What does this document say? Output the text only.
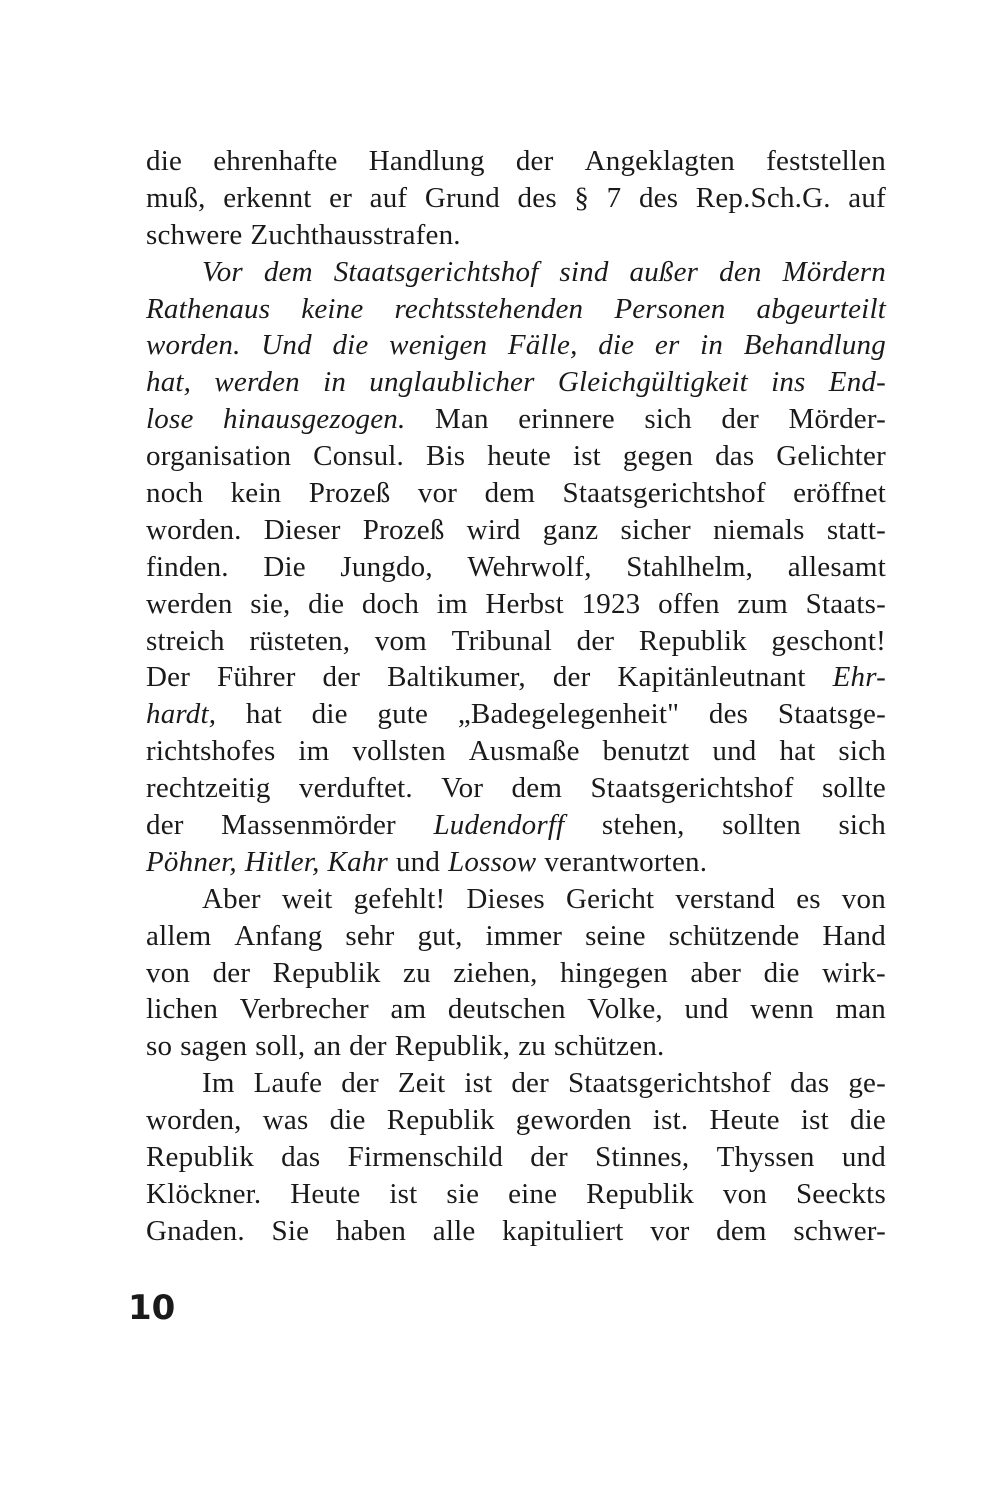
die ehrenhafte Handlung der Angeklagten feststellen
muß, erkennt er auf Grund des § 7 des Rep.Sch.G. auf
schwere Zuchthausstrafen.
Vor dem Staatsgerichtshof sind außer den Mördern
Rathenaus keine rechtsstehenden Personen abgeurteilt
worden. Und die wenigen Fälle, die er in Behandlung
hat, werden in unglaublicher Gleichgültigkeit ins End-
lose hinausgezogen. Man erinnere sich der Mörder-
organisation Consul. Bis heute ist gegen das Gelichter
noch kein Prozeß vor dem Staatsgerichtshof eröffnet
worden. Dieser Prozeß wird ganz sicher niemals statt-
finden. Die Jungdo, Wehrwolf, Stahlhelm, allesamt
werden sie, die doch im Herbst 1923 offen zum Staats-
streich rüsteten, vom Tribunal der Republik geschont!
Der Führer der Baltikumer, der Kapitänleutnant Ehr-
hardt, hat die gute „Badegelegenheit" des Staatsge-
richtshofes im vollsten Ausmaße benutzt und hat sich
rechtzeitig verduftet. Vor dem Staatsgerichtshof sollte
der Massenmörder Ludendorff stehen, sollten sich
Pöhner, Hitler, Kahr und Lossow verantworten.
Aber weit gefehlt! Dieses Gericht verstand es von
allem Anfang sehr gut, immer seine schützende Hand
von der Republik zu ziehen, hingegen aber die wirk-
lichen Verbrecher am deutschen Volke, und wenn man
so sagen soll, an der Republik, zu schützen.
Im Laufe der Zeit ist der Staatsgerichtshof das ge-
worden, was die Republik geworden ist. Heute ist die
Republik das Firmenschild der Stinnes, Thyssen und
Klöckner. Heute ist sie eine Republik von Seeckts
Gnaden. Sie haben alle kapituliert vor dem schwer-
10
